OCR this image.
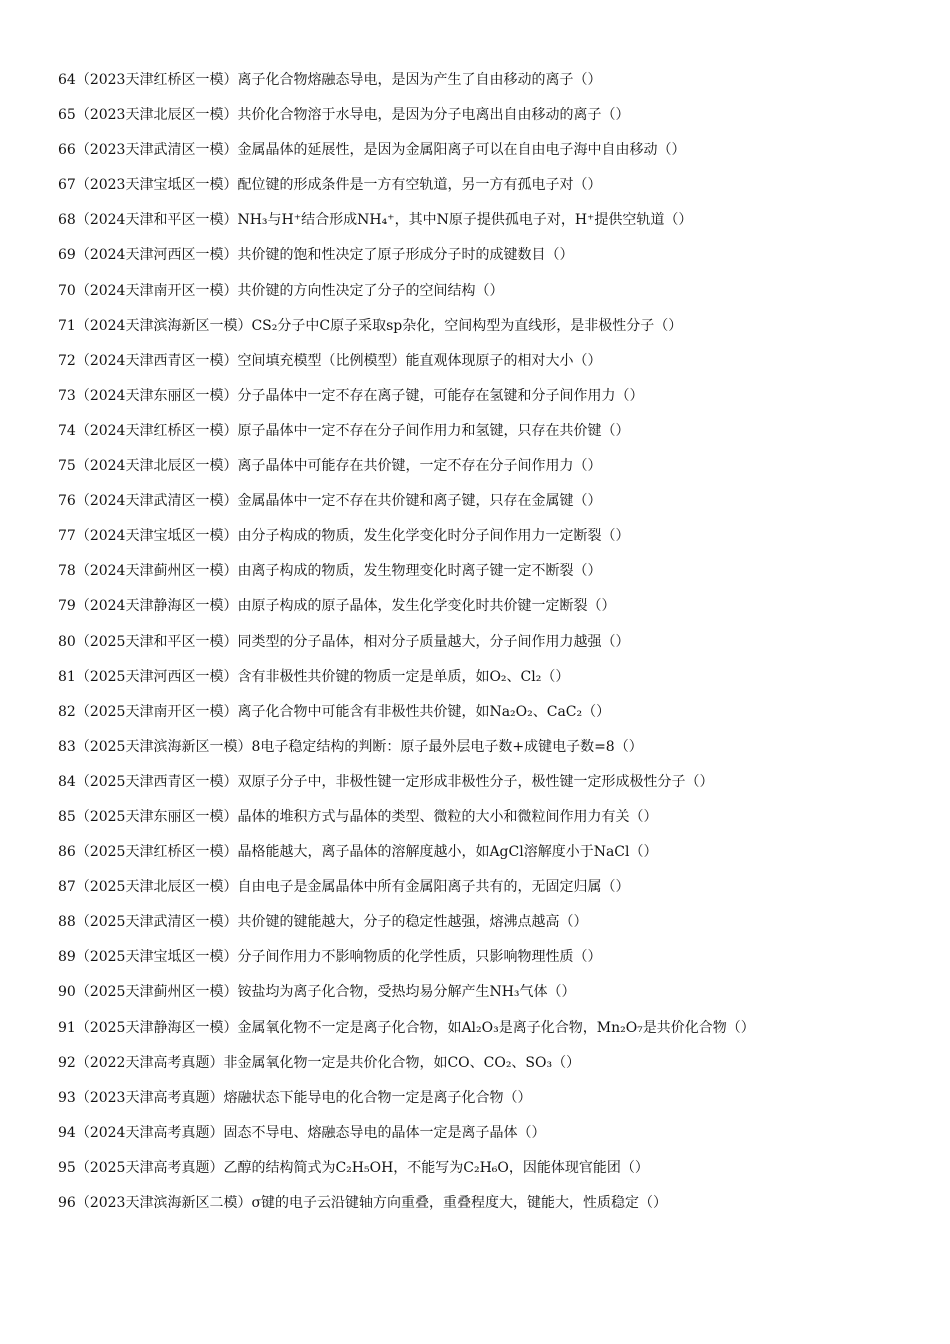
64（2023天津红桥区一模）离子化合物熔融态导电，是因为产生了自由移动的离子（）
65（2023天津北辰区一模）共价化合物溶于水导电，是因为分子电离出自由移动的离子（）
66（2023天津武清区一模）金属晶体的延展性，是因为金属阳离子可以在自由电子海中自由移动（）
67（2023天津宝坻区一模）配位键的形成条件是一方有空轨道，另一方有孤电子对（）
68（2024天津和平区一模）NH₃与H⁺结合形成NH₄⁺，其中N原子提供孤电子对，H⁺提供空轨道（）
69（2024天津河西区一模）共价键的饱和性决定了原子形成分子时的成键数目（）
70（2024天津南开区一模）共价键的方向性决定了分子的空间结构（）
71（2024天津滨海新区一模）CS₂分子中C原子采取sp杂化，空间构型为直线形，是非极性分子（）
72（2024天津西青区一模）空间填充模型（比例模型）能直观体现原子的相对大小（）
73（2024天津东丽区一模）分子晶体中一定不存在离子键，可能存在氢键和分子间作用力（）
74（2024天津红桥区一模）原子晶体中一定不存在分子间作用力和氢键，只存在共价键（）
75（2024天津北辰区一模）离子晶体中可能存在共价键，一定不存在分子间作用力（）
76（2024天津武清区一模）金属晶体中一定不存在共价键和离子键，只存在金属键（）
77（2024天津宝坻区一模）由分子构成的物质，发生化学变化时分子间作用力一定断裂（）
78（2024天津蓟州区一模）由离子构成的物质，发生物理变化时离子键一定不断裂（）
79（2024天津静海区一模）由原子构成的原子晶体，发生化学变化时共价键一定断裂（）
80（2025天津和平区一模）同类型的分子晶体，相对分子质量越大，分子间作用力越强（）
81（2025天津河西区一模）含有非极性共价键的物质一定是单质，如O₂、Cl₂（）
82（2025天津南开区一模）离子化合物中可能含有非极性共价键，如Na₂O₂、CaC₂（）
83（2025天津滨海新区一模）8电子稳定结构的判断：原子最外层电子数+成键电子数=8（）
84（2025天津西青区一模）双原子分子中，非极性键一定形成非极性分子，极性键一定形成极性分子（）
85（2025天津东丽区一模）晶体的堆积方式与晶体的类型、微粒的大小和微粒间作用力有关（）
86（2025天津红桥区一模）晶格能越大，离子晶体的溶解度越小，如AgCl溶解度小于NaCl（）
87（2025天津北辰区一模）自由电子是金属晶体中所有金属阳离子共有的，无固定归属（）
88（2025天津武清区一模）共价键的键能越大，分子的稳定性越强，熔沸点越高（）
89（2025天津宝坻区一模）分子间作用力不影响物质的化学性质，只影响物理性质（）
90（2025天津蓟州区一模）铵盐均为离子化合物，受热均易分解产生NH₃气体（）
91（2025天津静海区一模）金属氧化物不一定是离子化合物，如Al₂O₃是离子化合物，Mn₂O₇是共价化合物（）
92（2022天津高考真题）非金属氧化物一定是共价化合物，如CO、CO₂、SO₃（）
93（2023天津高考真题）熔融状态下能导电的化合物一定是离子化合物（）
94（2024天津高考真题）固态不导电、熔融态导电的晶体一定是离子晶体（）
95（2025天津高考真题）乙醇的结构简式为C₂H₅OH，不能写为C₂H₆O，因能体现官能团（）
96（2023天津滨海新区二模）σ键的电子云沿键轴方向重叠，重叠程度大，键能大，性质稳定（）
